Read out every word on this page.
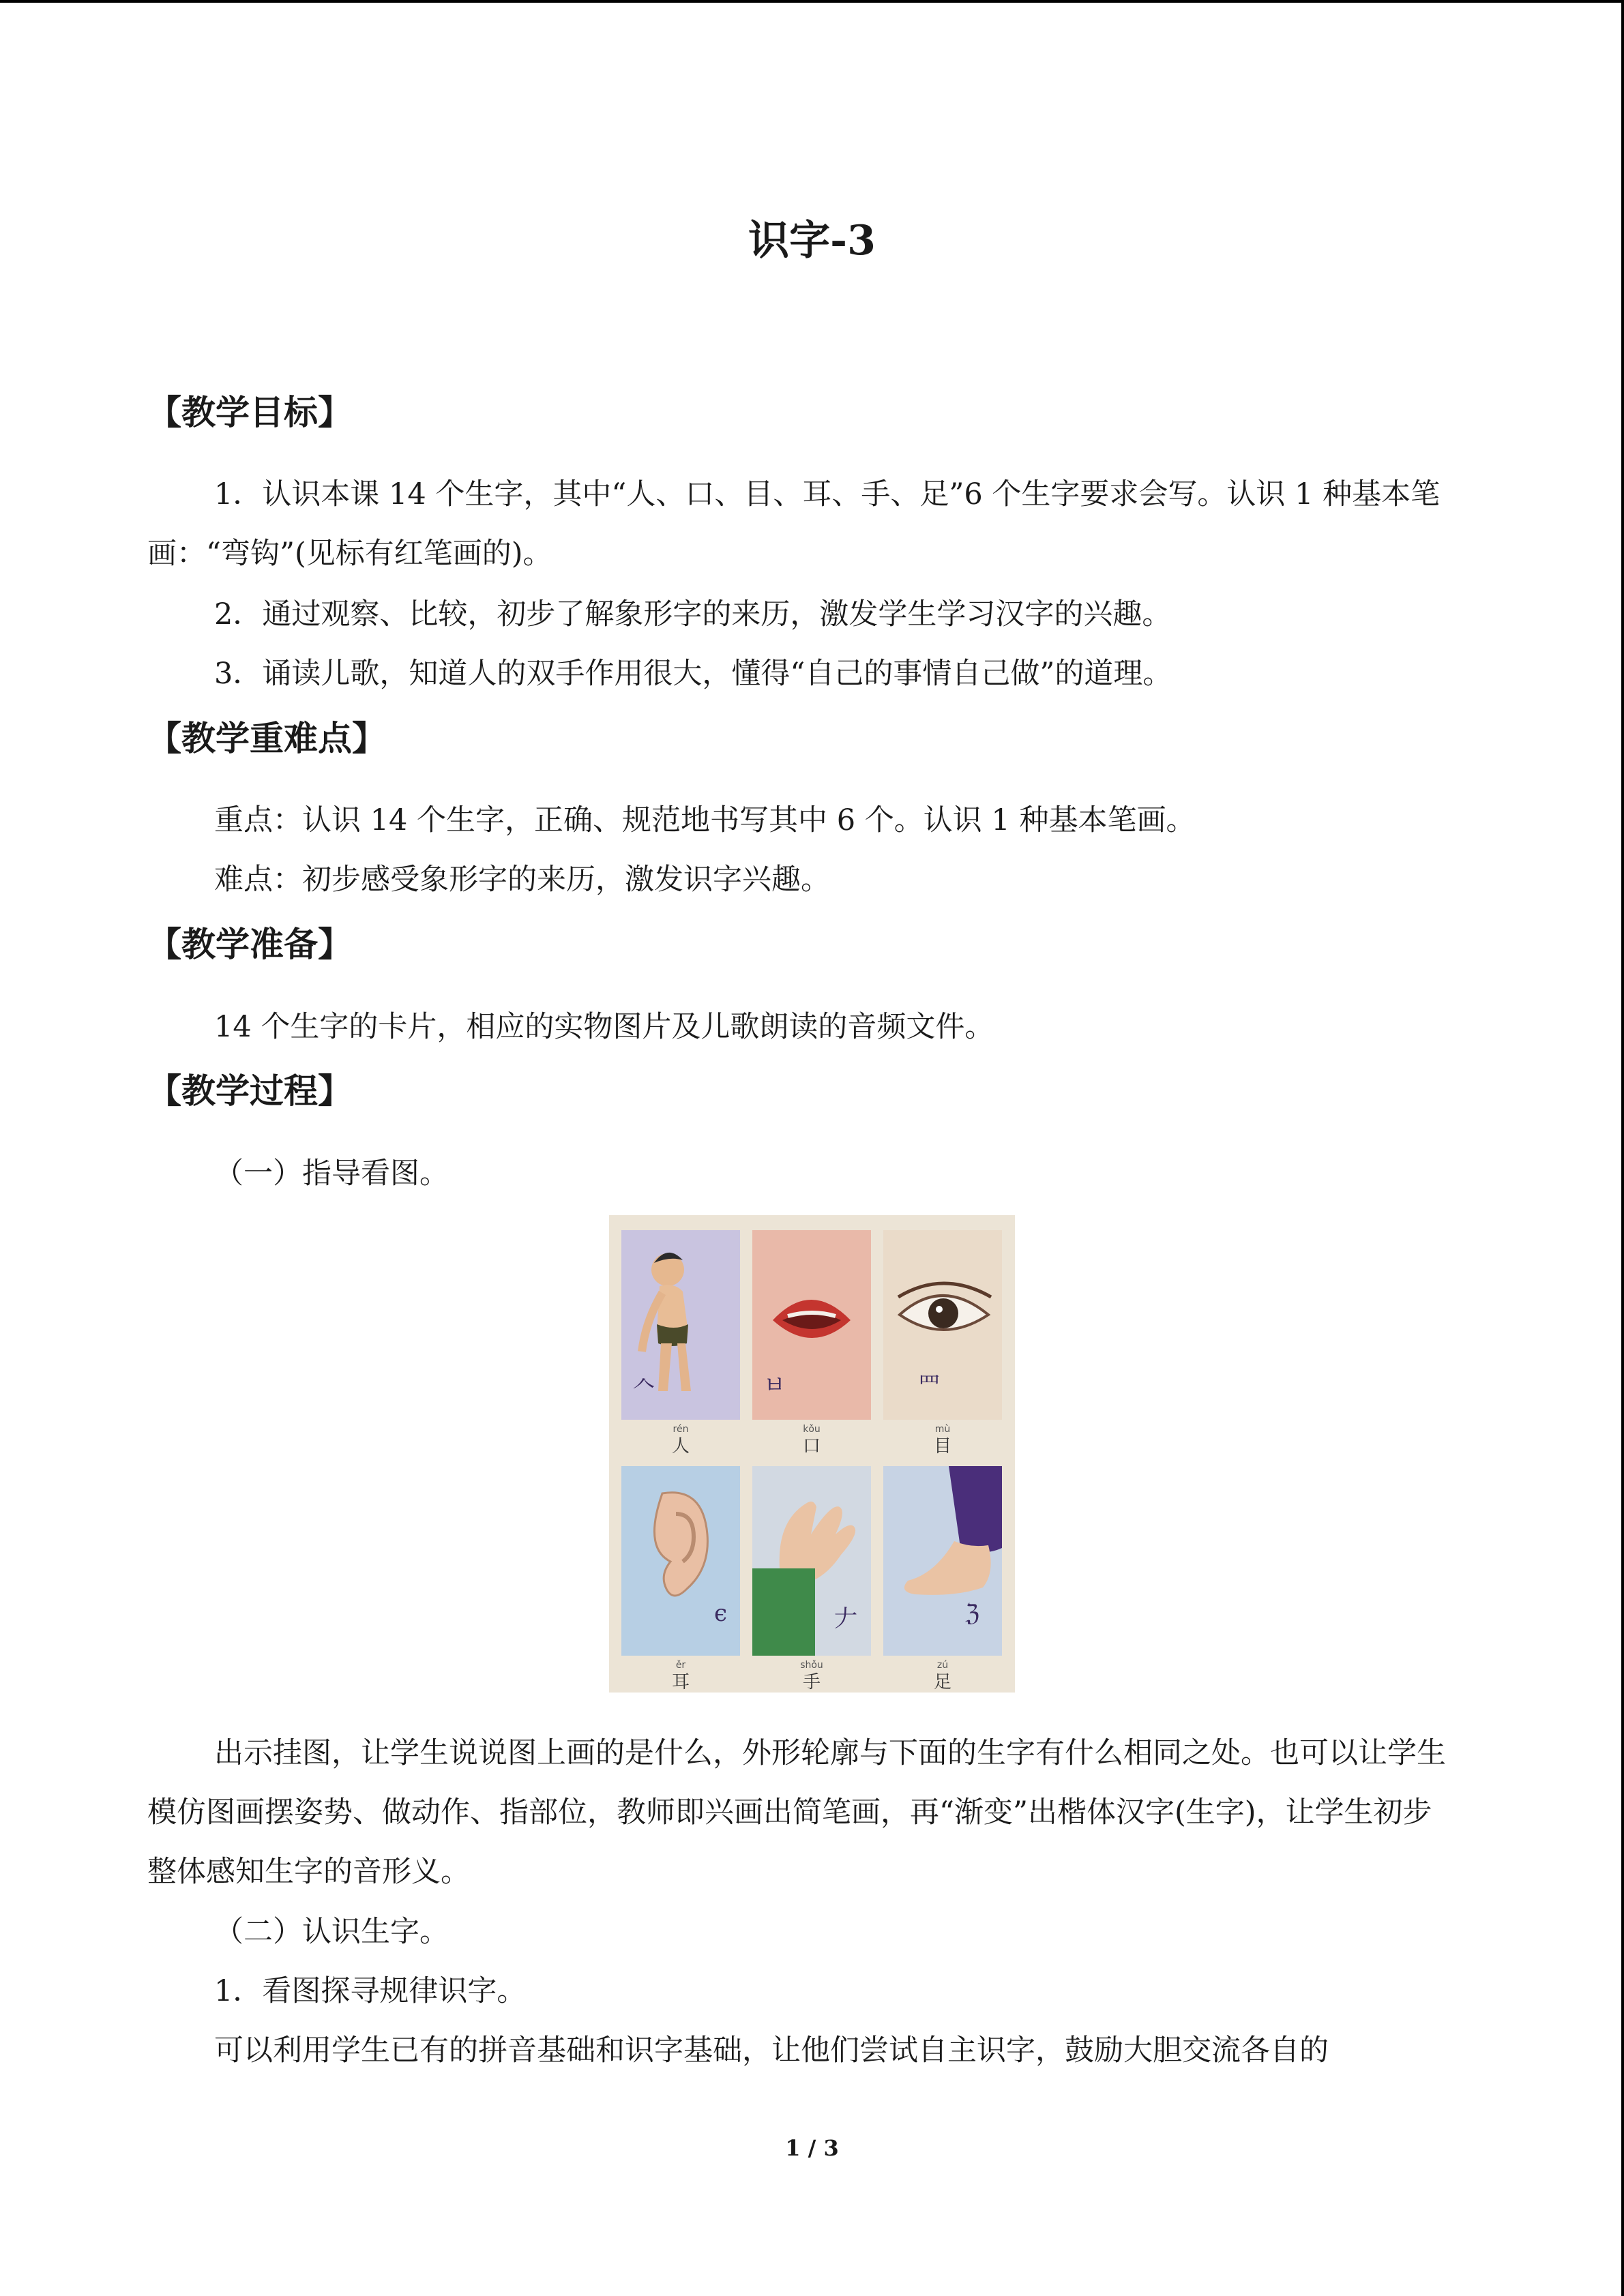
识字-3
【教学目标】

1．认识本课 14 个生字，其中“人、口、目、耳、手、足”6 个生字要求会写。认识 1 种基本笔画：“弯钩”(见标有红笔画的)。

2．通过观察、比较，初步了解象形字的来历，激发学生学习汉字的兴趣。

3．诵读儿歌，知道人的双手作用很大，懂得“自己的事情自己做”的道理。

【教学重难点】

重点：认识 14 个生字，正确、规范地书写其中 6 个。认识 1 种基本笔画。

难点：初步感受象形字的来历，激发识字兴趣。

【教学准备】

14 个生字的卡片，相应的实物图片及儿歌朗读的音频文件。

【教学过程】

（一）指导看图。

𠆢	ㅂ	罒
rén
人
kǒu
口
mù
目
ϵ	𠂇	ℨ
ěr
耳
shǒu
手
zú
足

出示挂图，让学生说说图上画的是什么，外形轮廓与下面的生字有什么相同之处。也可以让学生模仿图画摆姿势、做动作、指部位，教师即兴画出简笔画，再“渐变”出楷体汉字(生字)，让学生初步整体感知生字的音形义。

（二）认识生字。

1．看图探寻规律识字。

可以利用学生已有的拼音基础和识字基础，让他们尝试自主识字，鼓励大胆交流各自的

1 / 3
